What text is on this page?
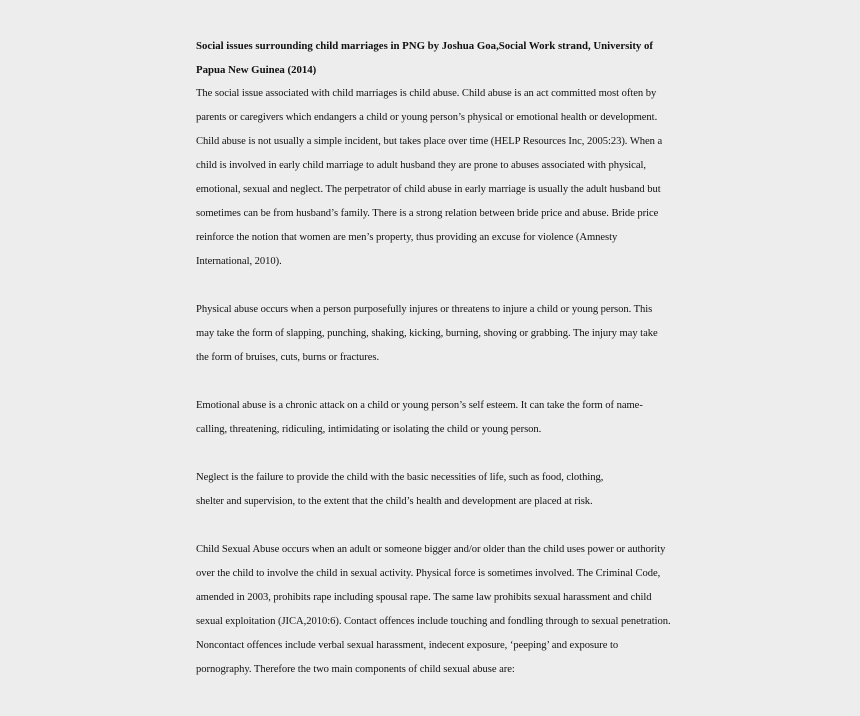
Social issues surrounding child marriages in PNG by Joshua Goa,Social Work strand, University of
Papua New Guinea (2014)
The social issue associated with child marriages is child abuse. Child abuse is an act committed most often by
parents or caregivers which endangers a child or young person’s physical or emotional health or development.
Child abuse is not usually a simple incident, but takes place over time (HELP Resources Inc, 2005:23). When a
child is involved in early child marriage to adult husband they are prone to abuses associated with physical,
emotional, sexual and neglect. The perpetrator of child abuse in early marriage is usually the adult husband but
sometimes can be from husband’s family. There is a strong relation between bride price and abuse. Bride price
reinforce the notion that women are men’s property, thus providing an excuse for violence (Amnesty
International, 2010).
Physical abuse occurs when a person purposefully injures or threatens to injure a child or young person. This
may take the form of slapping, punching, shaking, kicking, burning, shoving or grabbing. The injury may take
the form of bruises, cuts, burns or fractures.
Emotional abuse is a chronic attack on a child or young person’s self esteem. It can take the form of name-
calling, threatening, ridiculing, intimidating or isolating the child or young person.
Neglect is the failure to provide the child with the basic necessities of life, such as food, clothing,
shelter and supervision, to the extent that the child’s health and development are placed at risk.
Child Sexual Abuse occurs when an adult or someone bigger and/or older than the child uses power or authority
over the child to involve the child in sexual activity. Physical force is sometimes involved. The Criminal Code,
amended in 2003, prohibits rape including spousal rape. The same law prohibits sexual harassment and child
sexual exploitation (JICA,2010:6). Contact offences include touching and fondling through to sexual penetration.
Noncontact offences include verbal sexual harassment, indecent exposure, ‘peeping’ and exposure to
pornography. Therefore the two main components of child sexual abuse are:
